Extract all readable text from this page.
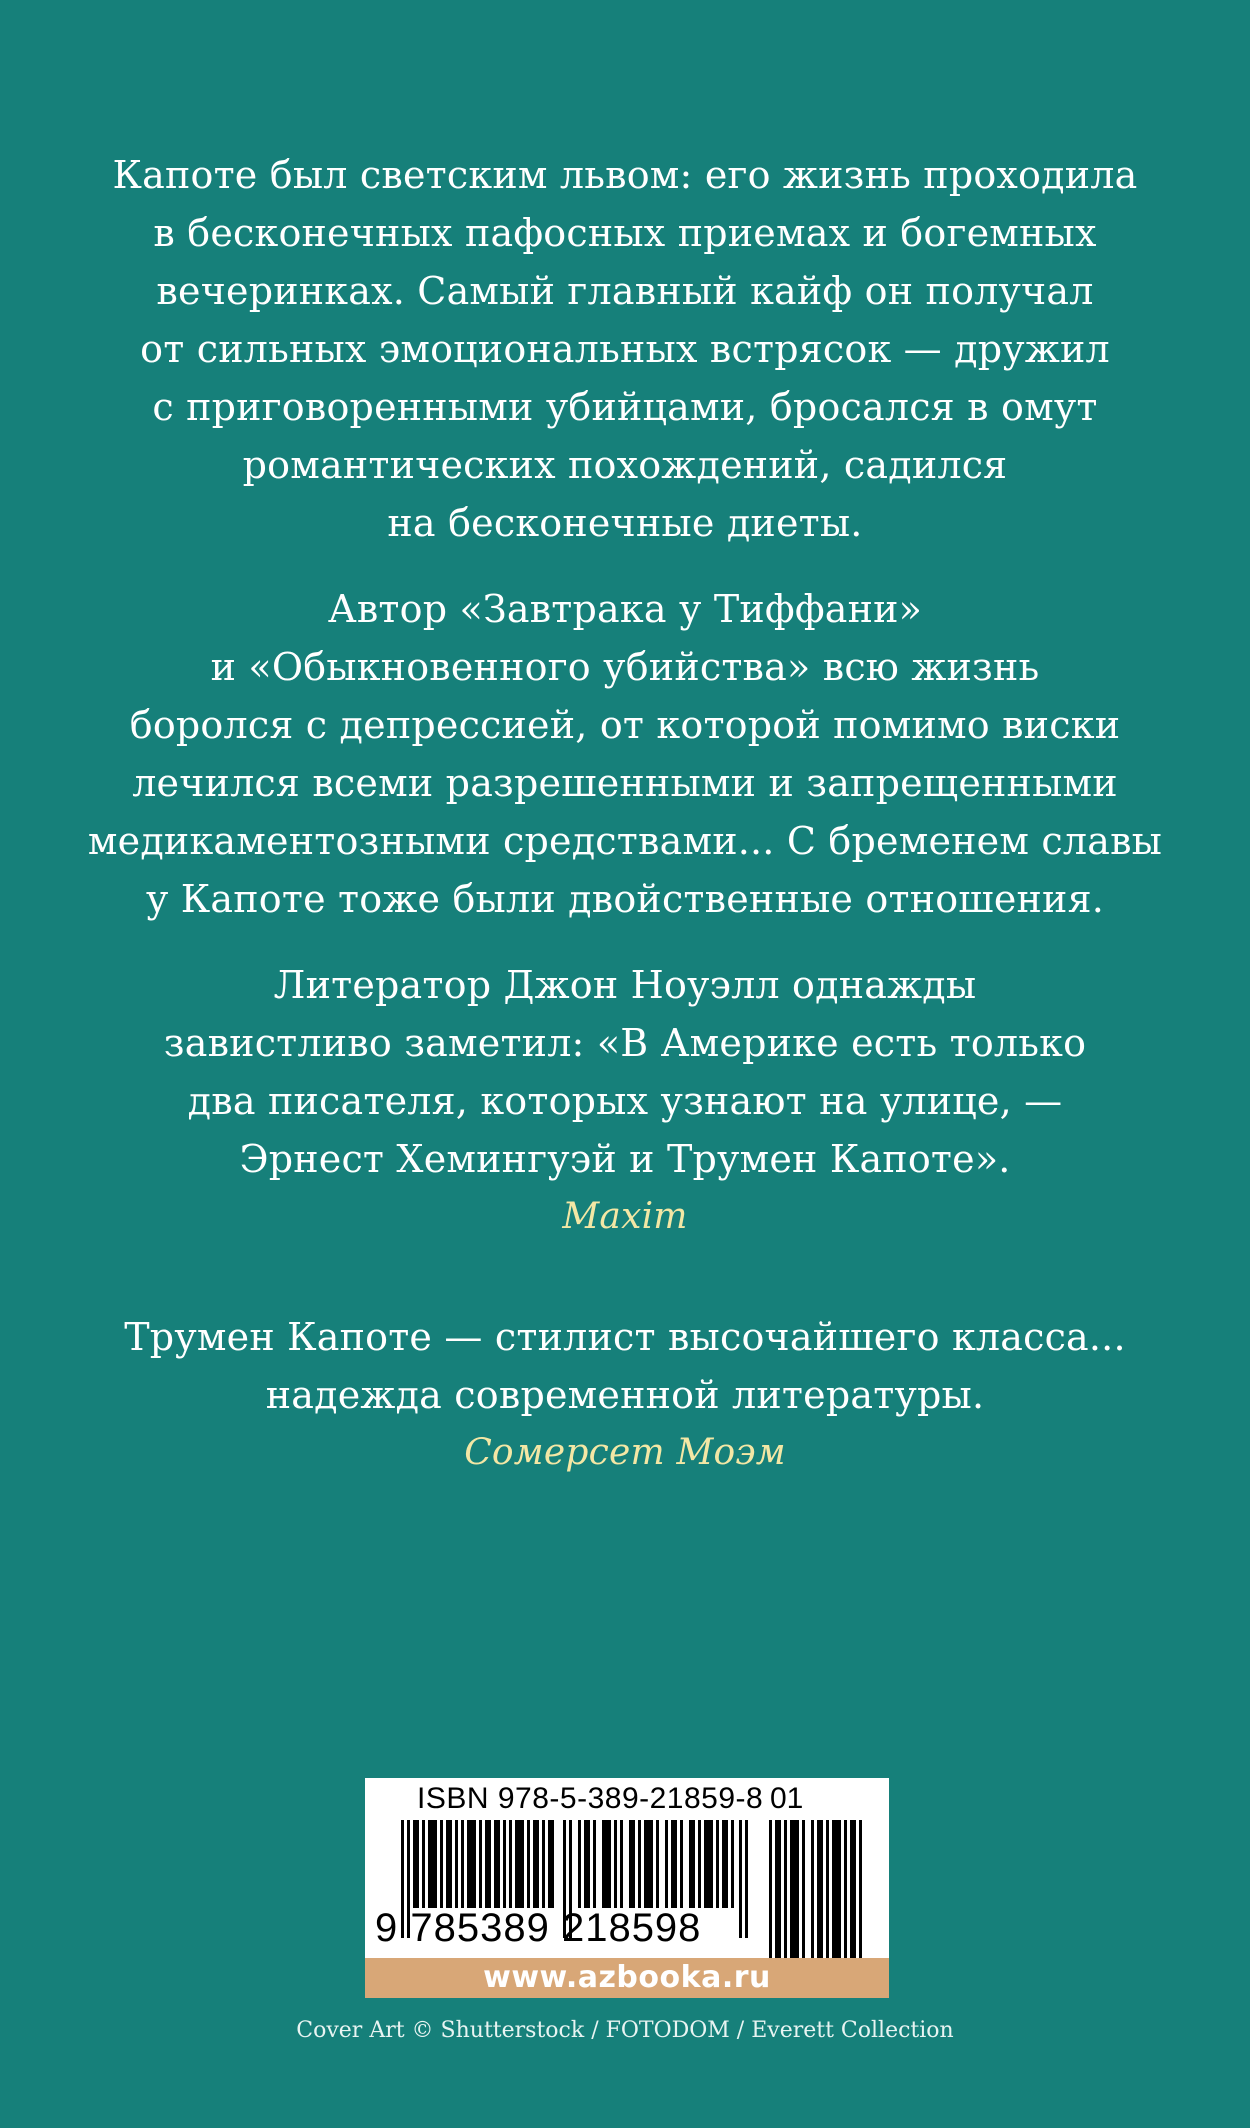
Капоте был светским львом: его жизнь проходила
в бесконечных пафосных приемах и богемных
вечеринках. Самый главный кайф он получал
от сильных эмоциональных встрясок — дружил
с приговоренными убийцами, бросался в омут
романтических похождений, садился
на бесконечные диеты.

Автор «Завтрака у Тиффани»
и «Обыкновенного убийства» всю жизнь
боролся с депрессией, от которой помимо виски
лечился всеми разрешенными и запрещенными
медикаментозными средствами... С бременем славы
у Капоте тоже были двойственные отношения.

Литератор Джон Ноуэлл однажды
завистливо заметил: «В Америке есть только
два писателя, которых узнают на улице, —
Эрнест Хемингуэй и Трумен Капоте».
Maxim

Трумен Капоте — стилист высочайшего класса...
надежда современной литературы.
Сомерсет Моэм

ISBN 978-5-389-21859-8 01
9 785389 218598
www.azbooka.ru
Cover Art © Shutterstock / FOTODOM / Everett Collection
